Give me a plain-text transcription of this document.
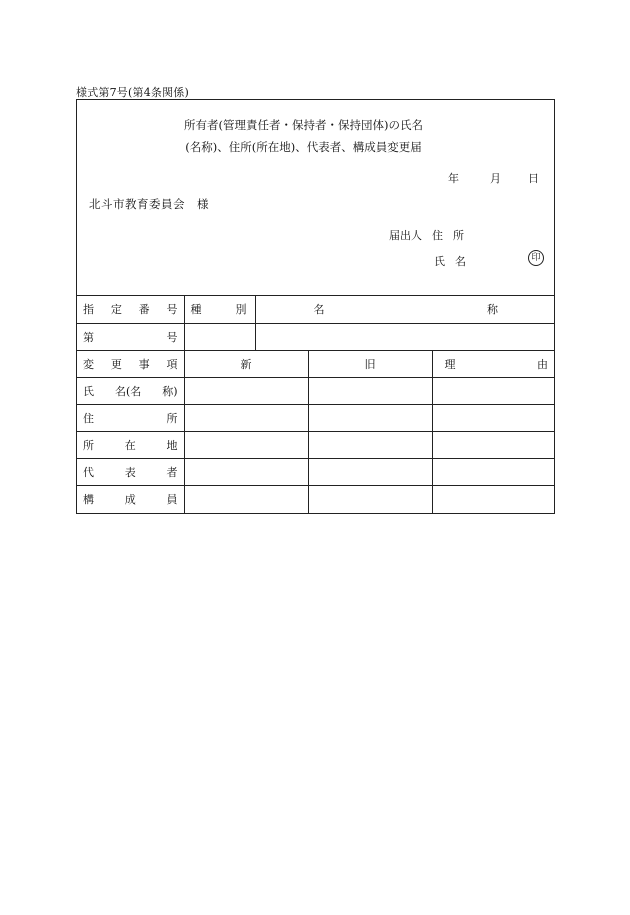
様式第7号(第4条関係)
所有者(管理責任者・保持者・保持団体)の氏名
(名称)、住所(所在地)、代表者、構成員変更届
年	月 日
北斗市教育委員会　様
届出人 住 所
氏 名	印
指 定 番 号	種 別	名 称

第 号		

変 更 事 項	新	旧	理 由

氏 名(名 称)			

住 所			

所 在 地			

代 表 者			

構 成 員			
